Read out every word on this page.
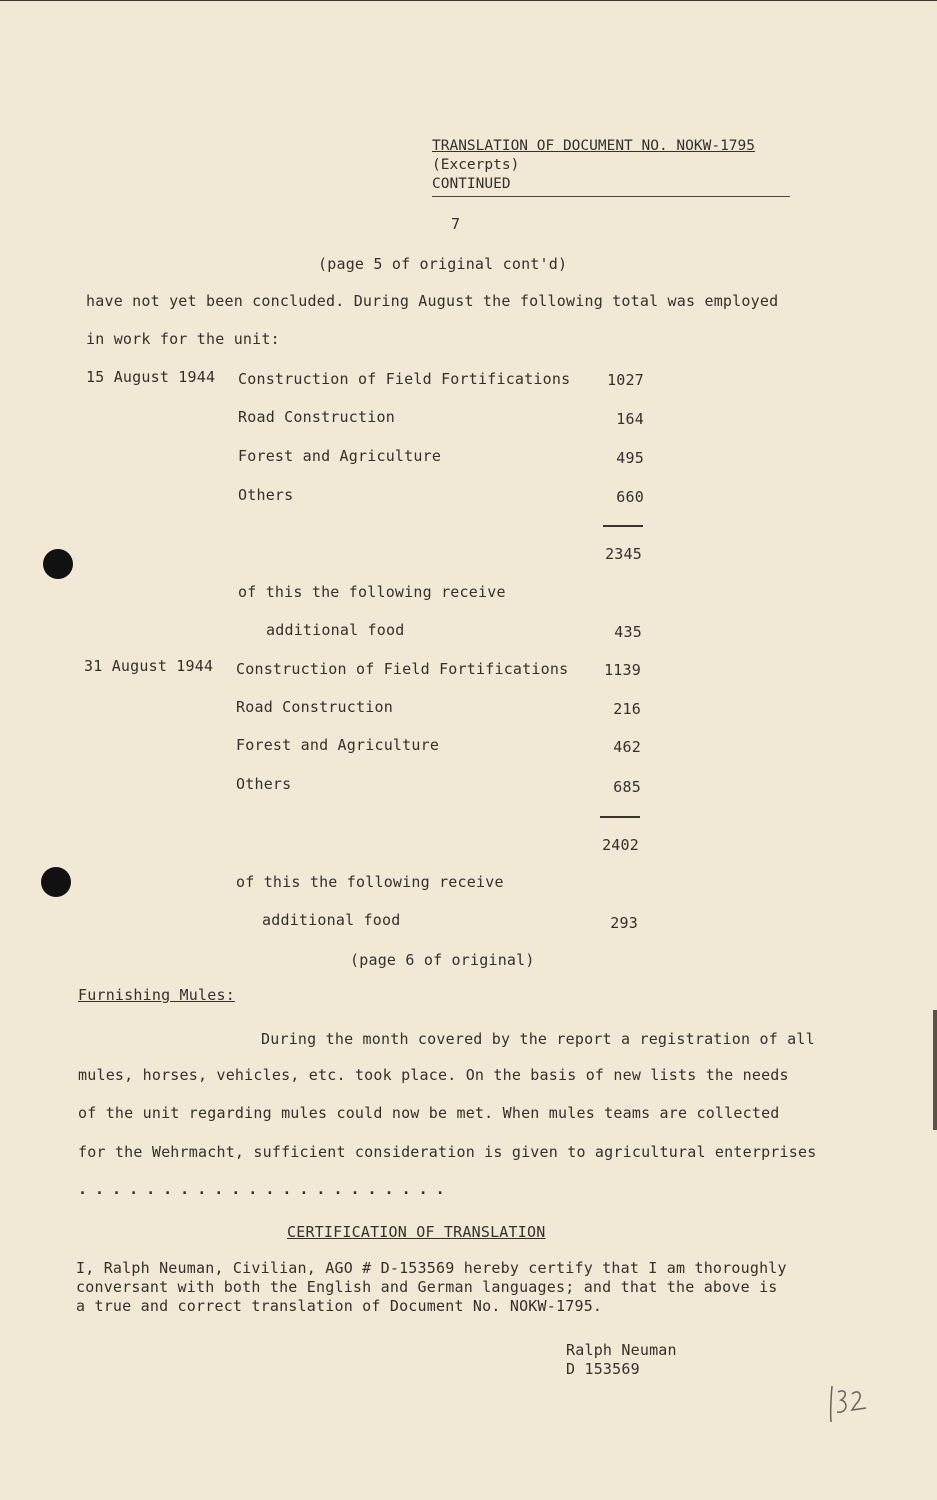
TRANSLATION OF DOCUMENT NO. NOKW-1795
(Excerpts)
CONTINUED
7
(page 5 of original cont'd)
have not yet been concluded. During August the following total was employed
in work for the unit:
15 August 1944 Construction of Field Fortifications	1027
Road Construction	164
Forest and Agriculture	495
Others	660
2345
of this the following receive
additional food	435
31 August 1944 Construction of Field Fortifications	1139
Road Construction	216
Forest and Agriculture	462
Others	685
2402
of this the following receive
additional food	293
(page 6 of original)
Furnishing Mules:
During the month covered by the report a registration of all
mules, horses, vehicles, etc. took place. On the basis of new lists the needs
of the unit regarding mules could now be met. When mules teams are collected
for the Wehrmacht, sufficient consideration is given to agricultural enterprises
......................
CERTIFICATION OF TRANSLATION
I, Ralph Neuman, Civilian, AGO # D-153569 hereby certify that I am thoroughly
conversant with both the English and German languages; and that the above is
a true and correct translation of Document No. NOKW-1795.
Ralph Neuman
D 153569
